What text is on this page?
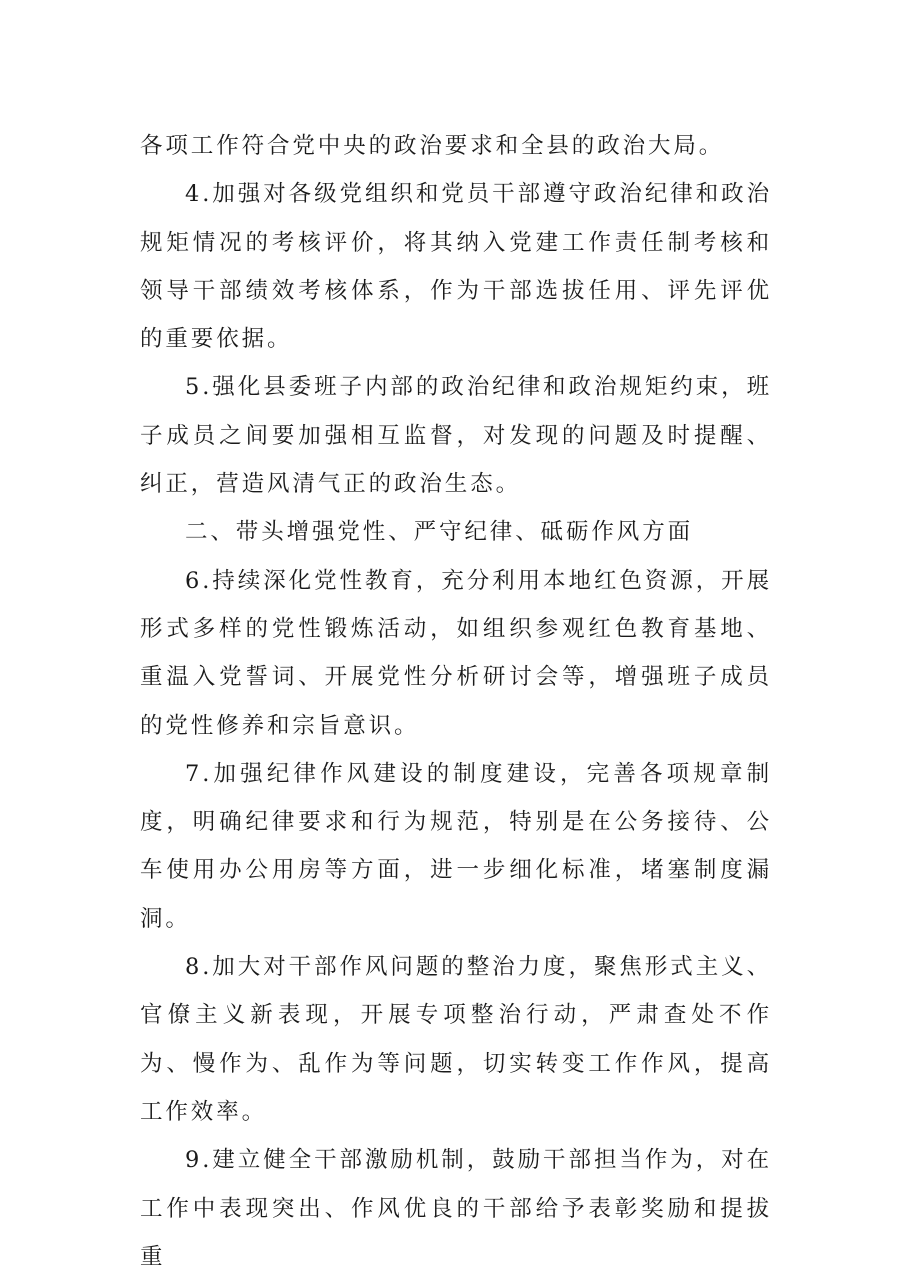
各项工作符合党中央的政治要求和全县的政治大局。

4.加强对各级党组织和党员干部遵守政治纪律和政治规矩情况的考核评价，将其纳入党建工作责任制考核和领导干部绩效考核体系，作为干部选拔任用、评先评优的重要依据。

5.强化县委班子内部的政治纪律和政治规矩约束，班子成员之间要加强相互监督，对发现的问题及时提醒、纠正，营造风清气正的政治生态。

二、带头增强党性、严守纪律、砥砺作风方面

6.持续深化党性教育，充分利用本地红色资源，开展形式多样的党性锻炼活动，如组织参观红色教育基地、重温入党誓词、开展党性分析研讨会等，增强班子成员的党性修养和宗旨意识。

7.加强纪律作风建设的制度建设，完善各项规章制度，明确纪律要求和行为规范，特别是在公务接待、公车使用办公用房等方面，进一步细化标准，堵塞制度漏洞。

8.加大对干部作风问题的整治力度，聚焦形式主义、官僚主义新表现，开展专项整治行动，严肃查处不作为、慢作为、乱作为等问题，切实转变工作作风，提高工作效率。

9.建立健全干部激励机制，鼓励干部担当作为，对在工作中表现突出、作风优良的干部给予表彰奖励和提拔重
